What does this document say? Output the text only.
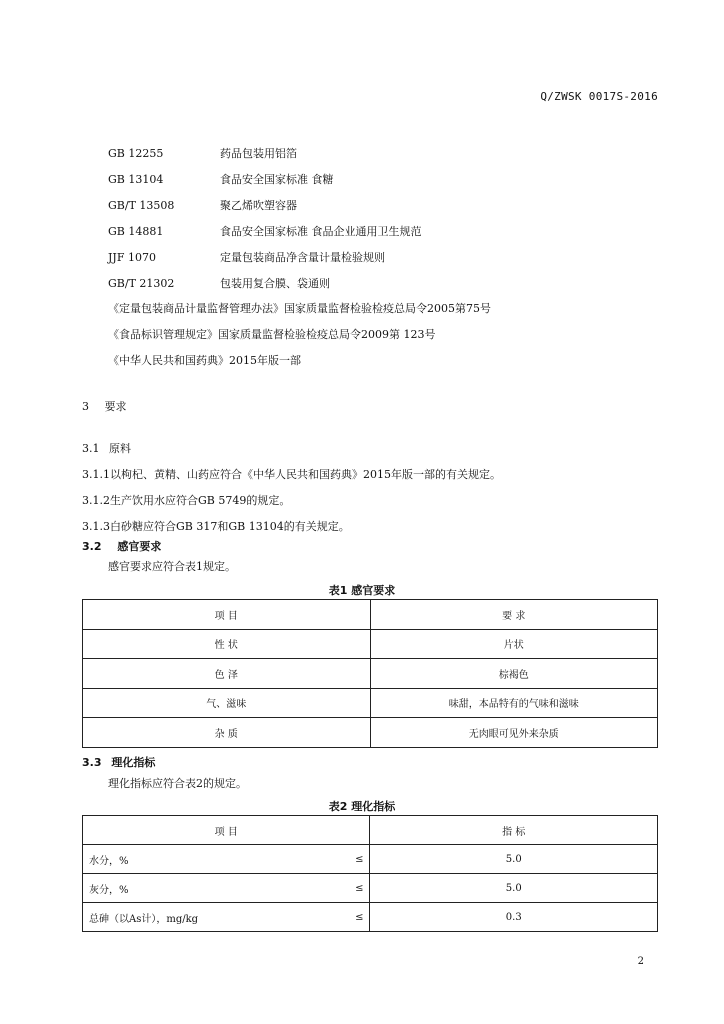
Q/ZWSK 0017S-2016
GB 12255	药品包装用铝箔
GB 13104	食品安全国家标准 食糖
GB/T 13508	聚乙烯吹塑容器
GB 14881	食品安全国家标准 食品企业通用卫生规范
JJF 1070	定量包装商品净含量计量检验规则
GB/T 21302	包装用复合膜、袋通则
《定量包装商品计量监督管理办法》国家质量监督检验检疫总局令2005第75号
《食品标识管理规定》国家质量监督检验检疫总局令2009第 123号
《中华人民共和国药典》2015年版一部
3 要求
3.1 原料
3.1.1以枸杞、黄精、山药应符合《中华人民共和国药典》2015年版一部的有关规定。
3.1.2生产饮用水应符合GB 5749的规定。
3.1.3白砂糖应符合GB 317和GB 13104的有关规定。
3.2 感官要求
感官要求应符合表1规定。
表1 感官要求
项 目	要 求
性 状	片状
色 泽	棕褐色
气、滋味	味甜，本品特有的气味和滋味
杂 质	无肉眼可见外来杂质
3.3 理化指标
理化指标应符合表2的规定。
表2 理化指标
项 目		指 标
水分，%	≤	5.0
灰分，%	≤	5.0
总砷（以As计），mg/kg	≤	0.3
2
